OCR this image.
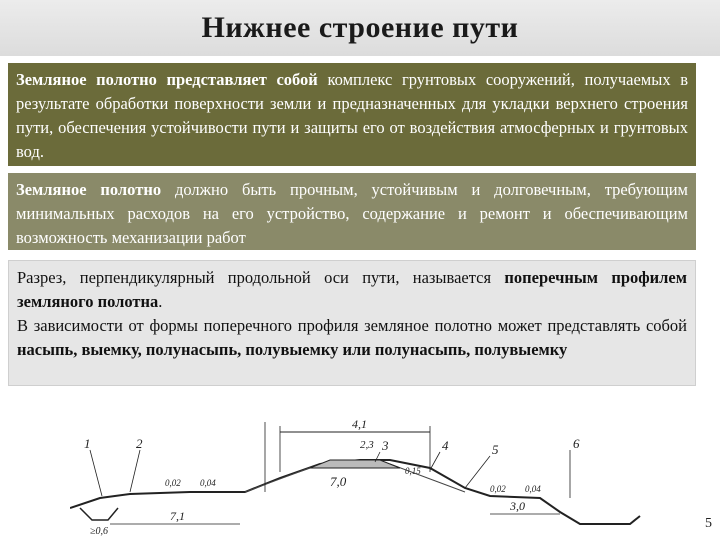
Нижнее строение пути

Земляное полотно представляет собой комплекс грунтовых сооружений, получаемых в результате обработки поверхности земли и предназначенных для укладки верхнего строения пути, обеспечения устойчивости пути и защиты его от воздействия атмосферных и грунтовых вод.

Земляное полотно должно быть прочным, устойчивым и долговечным, требующим минимальных расходов на его устройство, содержание и ремонт и обеспечивающим возможность механизации работ

Разрез, перпендикулярный продольной оси пути, называется поперечным профилем земляного полотна.

В зависимости от формы поперечного профиля земляное полотно может представлять собой насыпь, выемку, полунасыпь, полувыемку или полунасыпь, полувыемку

4,1
2,3
1	2	3	4	5	6
7,0
7,1
3,0
≥0,6
0,15
0,02 0,04
0,02 0,04
5
